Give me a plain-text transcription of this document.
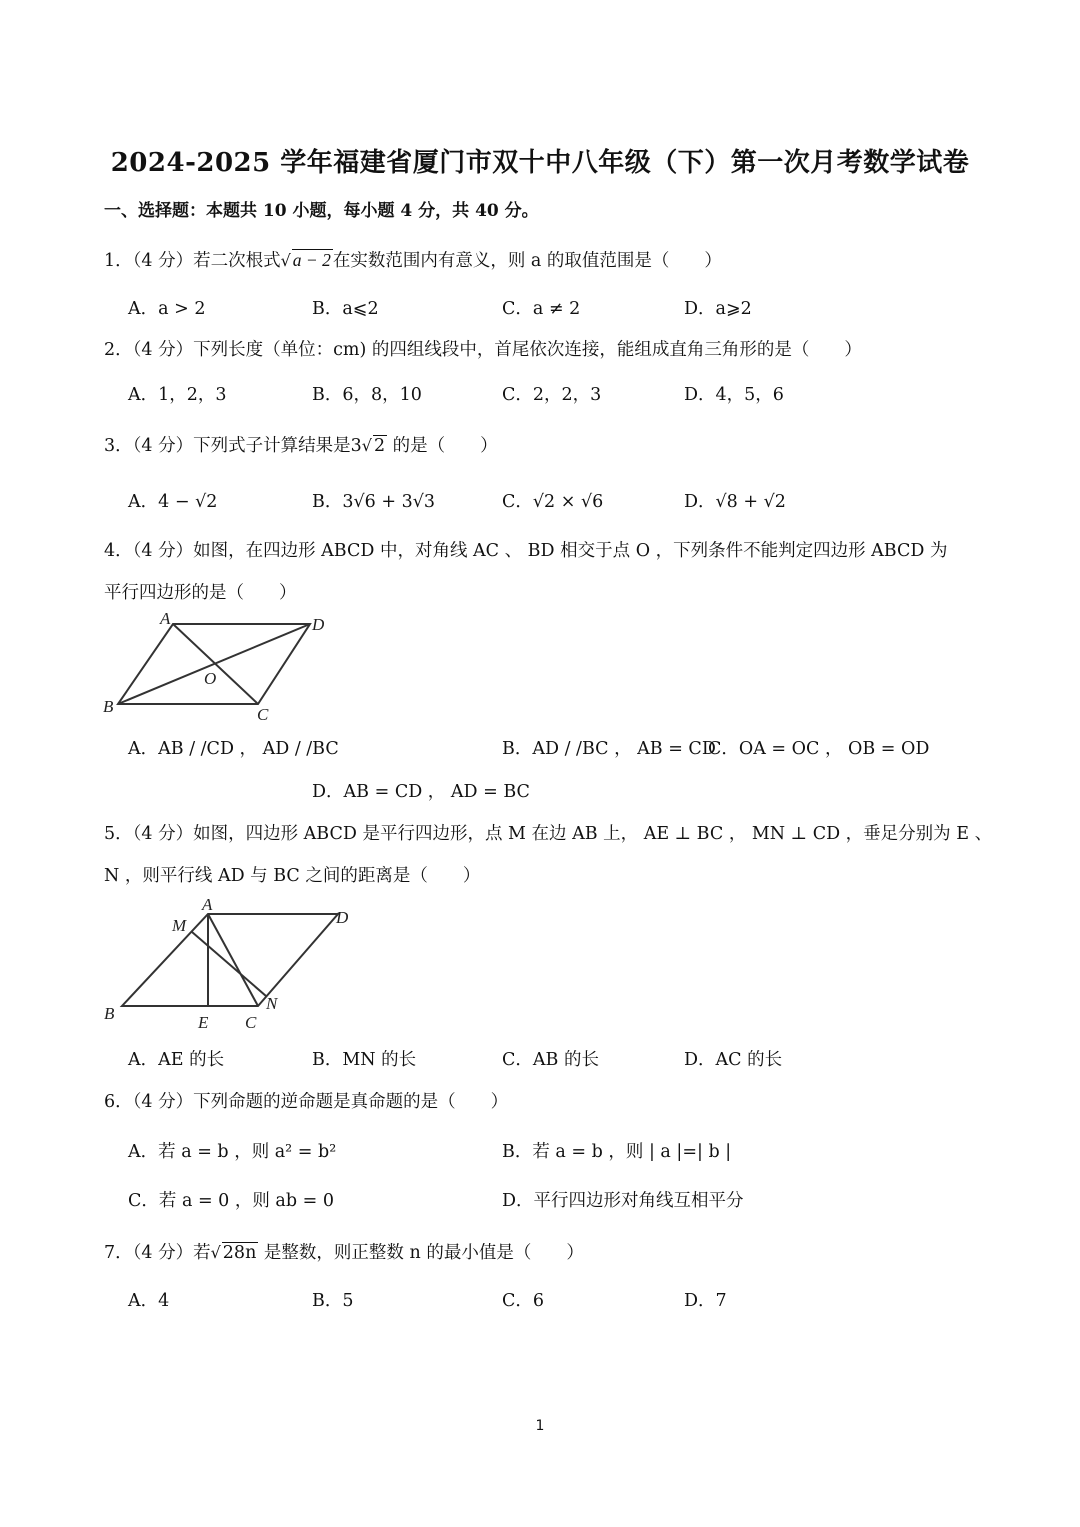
2024-2025 学年福建省厦门市双十中八年级（下）第一次月考数学试卷
一、选择题：本题共 10 小题，每小题 4 分，共 40 分。
1．（4 分）若二次根式√ a − 2 在实数范围内有意义，则 a 的取值范围是（　　）
A．a > 2	B．a⩽2	C．a ≠ 2	D．a⩾2
2．（4 分）下列长度（单位：cm) 的四组线段中，首尾依次连接，能组成直角三角形的是（　　）
A．1，2，3	B．6，8，10	C．2，2，3	D．4，5，6
3．（4 分）下列式子计算结果是3√ 2 的是（　　）
A．4 − √2	B．3√6 + 3√3	C．√2 × √6	D．√8 + √2
4．（4 分）如图，在四边形 ABCD 中，对角线 AC 、 BD 相交于点 O ，下列条件不能判定四边形 ABCD 为
平行四边形的是（　　）
A
B	C
D
O
A．AB / /CD ， AD / /BC	B．AD / /BC ， AB = CD
C．OA = OC ， OB = OD
D．AB = CD ， AD = BC
5．（4 分）如图，四边形 ABCD 是平行四边形，点 M 在边 AB 上， AE ⊥ BC ， MN ⊥ CD ，垂足分别为 E 、
N ，则平行线 AD 与 BC 之间的距离是（　　）
A
B	C
D
E
M
N
A．AE 的长	B．MN 的长	C．AB 的长	D．AC 的长
6．（4 分）下列命题的逆命题是真命题的是（　　）
A．若 a = b ，则 a² = b²	B．若 a = b ，则 | a |=| b |
C．若 a = 0 ，则 ab = 0	D．平行四边形对角线互相平分
7．（4 分）若√ 28n 是整数，则正整数 n 的最小值是（　　）
A．4	B．5	C．6	D．7
1
